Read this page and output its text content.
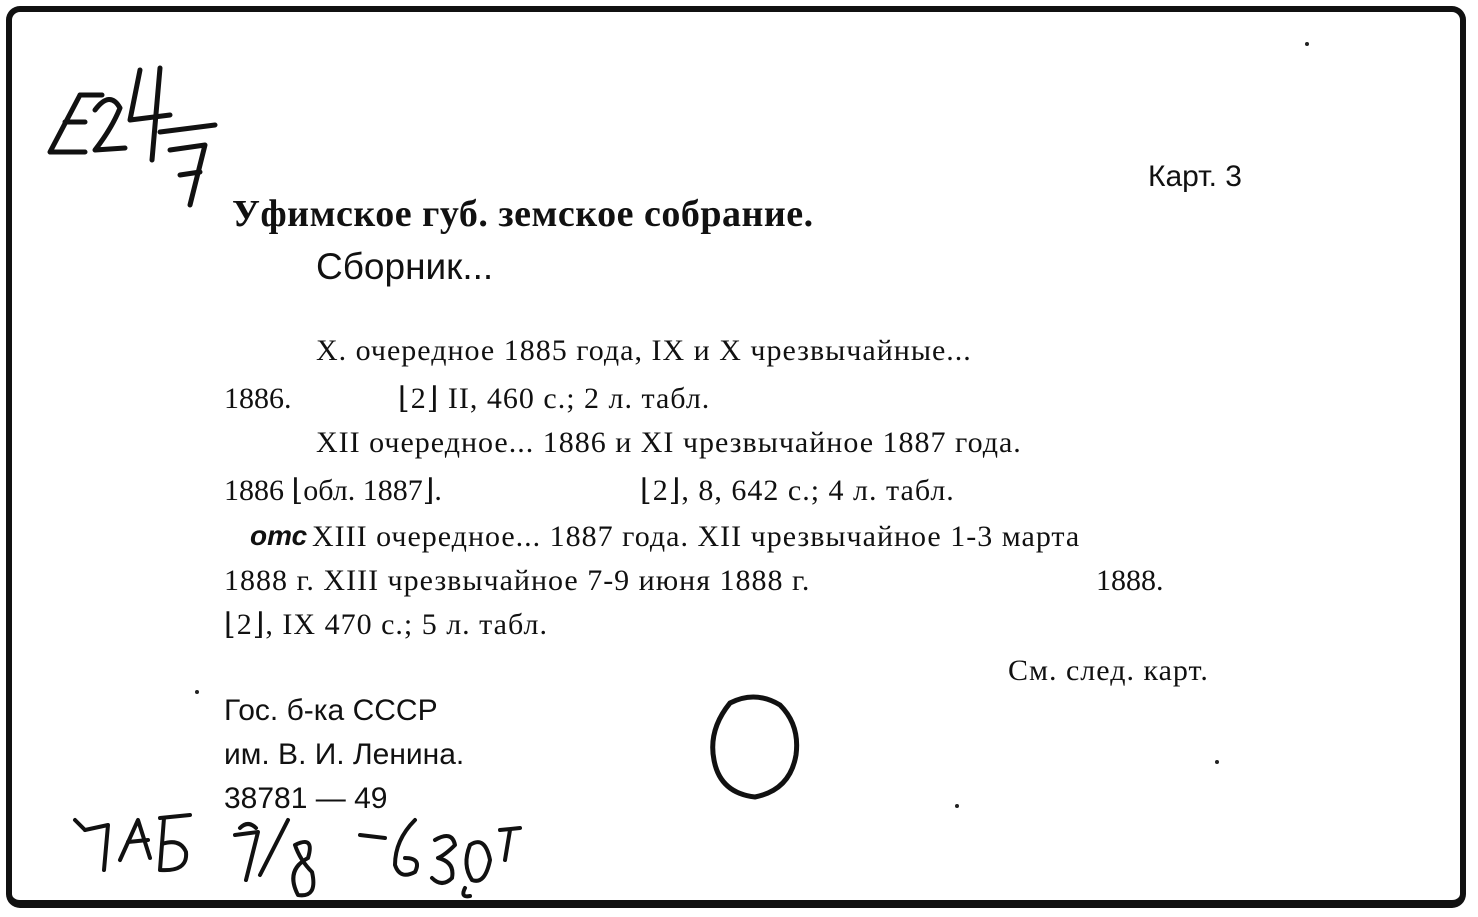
Карт. 3
Уфимское губ. земское собрание.
Сборник...
Х. очередное 1885 года, IX и X чрезвычайные...
1886.	⌊2⌋ II, 460 с.; 2 л. табл.
XII очередное... 1886 и XI чрезвычайное 1887 года.
1886 ⌊обл. 1887⌋.	⌊2⌋, 8, 642 с.; 4 л. табл.
отс XIII очередное... 1887 года. XII чрезвычайное 1-3 марта
1888 г. XIII чрезвычайное 7-9 июня 1888 г.	1888.
⌊2⌋, IX 470 с.; 5 л. табл.
См. след. карт.
Гос. б-ка СССР
им. В. И. Ленина.
38781 — 49
